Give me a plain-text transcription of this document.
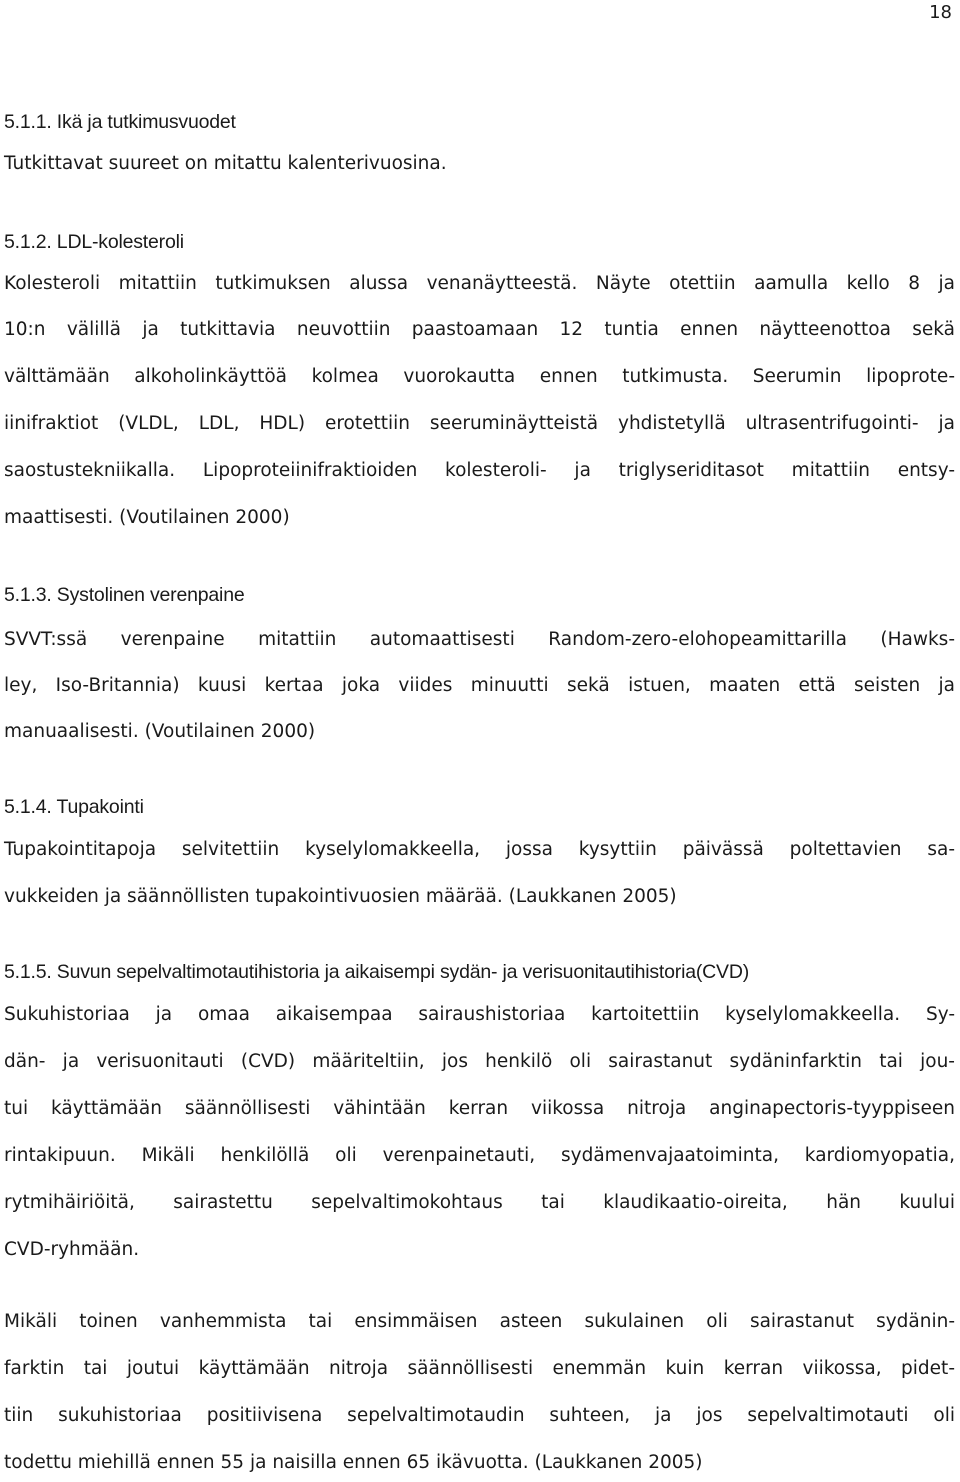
18
5.1.1. Ikä ja tutkimusvuodet
Tutkittavat suureet on mitattu kalenterivuosina.
5.1.2. LDL-kolesteroli
Kolesteroli mitattiin tutkimuksen alussa venanäytteestä. Näyte otettiin aamulla kello 8 ja
10:n välillä ja tutkittavia neuvottiin paastoamaan 12 tuntia ennen näytteenottoa sekä
välttämään alkoholinkäyttöä kolmea vuorokautta ennen tutkimusta. Seerumin lipoprote-
iinifraktiot (VLDL, LDL, HDL) erotettiin seeruminäytteistä yhdistetyllä ultrasentrifugointi- ja
saostustekniikalla. Lipoproteiinifraktioiden kolesteroli- ja triglyseriditasot mitattiin entsy-
maattisesti. (Voutilainen 2000)
5.1.3. Systolinen verenpaine
SVVT:ssä verenpaine mitattiin automaattisesti Random-zero-elohopeamittarilla (Hawks-
ley, Iso-Britannia) kuusi kertaa joka viides minuutti sekä istuen, maaten että seisten ja
manuaalisesti. (Voutilainen 2000)
5.1.4. Tupakointi
Tupakointitapoja selvitettiin kyselylomakkeella, jossa kysyttiin päivässä poltettavien sa-
vukkeiden ja säännöllisten tupakointivuosien määrää. (Laukkanen 2005)
5.1.5. Suvun sepelvaltimotautihistoria ja aikaisempi sydän- ja verisuonitautihistoria(CVD)
Sukuhistoriaa ja omaa aikaisempaa sairaushistoriaa kartoitettiin kyselylomakkeella. Sy-
dän- ja verisuonitauti (CVD) määriteltiin, jos henkilö oli sairastanut sydäninfarktin tai jou-
tui käyttämään säännöllisesti vähintään kerran viikossa nitroja anginapectoris-tyyppiseen
rintakipuun. Mikäli henkilöllä oli verenpainetauti, sydämenvajaatoiminta, kardiomyopatia,
rytmihäiriöitä, sairastettu sepelvaltimokohtaus tai klaudikaatio-oireita, hän kuului
CVD-ryhmään.
Mikäli toinen vanhemmista tai ensimmäisen asteen sukulainen oli sairastanut sydänin-
farktin tai joutui käyttämään nitroja säännöllisesti enemmän kuin kerran viikossa, pidet-
tiin sukuhistoriaa positiivisena sepelvaltimotaudin suhteen, ja jos sepelvaltimotauti oli
todettu miehillä ennen 55 ja naisilla ennen 65 ikävuotta. (Laukkanen 2005)
